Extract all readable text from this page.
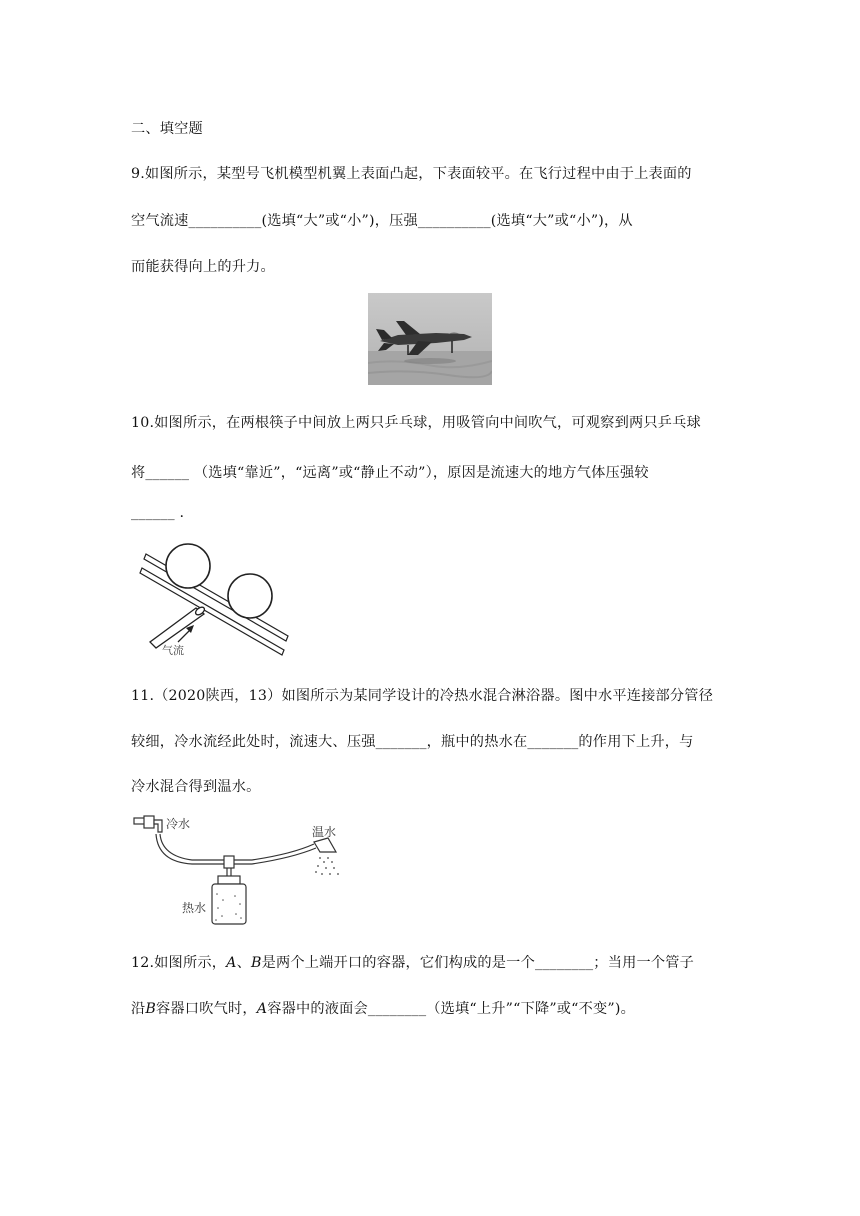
二、填空题
9.如图所示，某型号飞机模型机翼上表面凸起，下表面较平。在飞行过程中由于上表面的
空气流速__________(选填“大”或“小”)，压强__________(选填“大”或“小”)，从
而能获得向上的升力。
10.如图所示，在两根筷子中间放上两只乒乓球，用吸管向中间吹气，可观察到两只乒乓球
将______ （选填“靠近”，“远离”或“静止不动”），原因是流速大的地方气体压强较
______ .
气流
11.（2020陕西，13）如图所示为某同学设计的冷热水混合淋浴器。图中水平连接部分管径
较细，冷水流经此处时，流速大、压强_______，瓶中的热水在_______的作用下上升，与
冷水混合得到温水。
冷水
温水
热水
12.如图所示，A、B是两个上端开口的容器，它们构成的是一个________；当用一个管子
沿B容器口吹气时，A容器中的液面会________（选填“上升”“下降”或“不变”)。
